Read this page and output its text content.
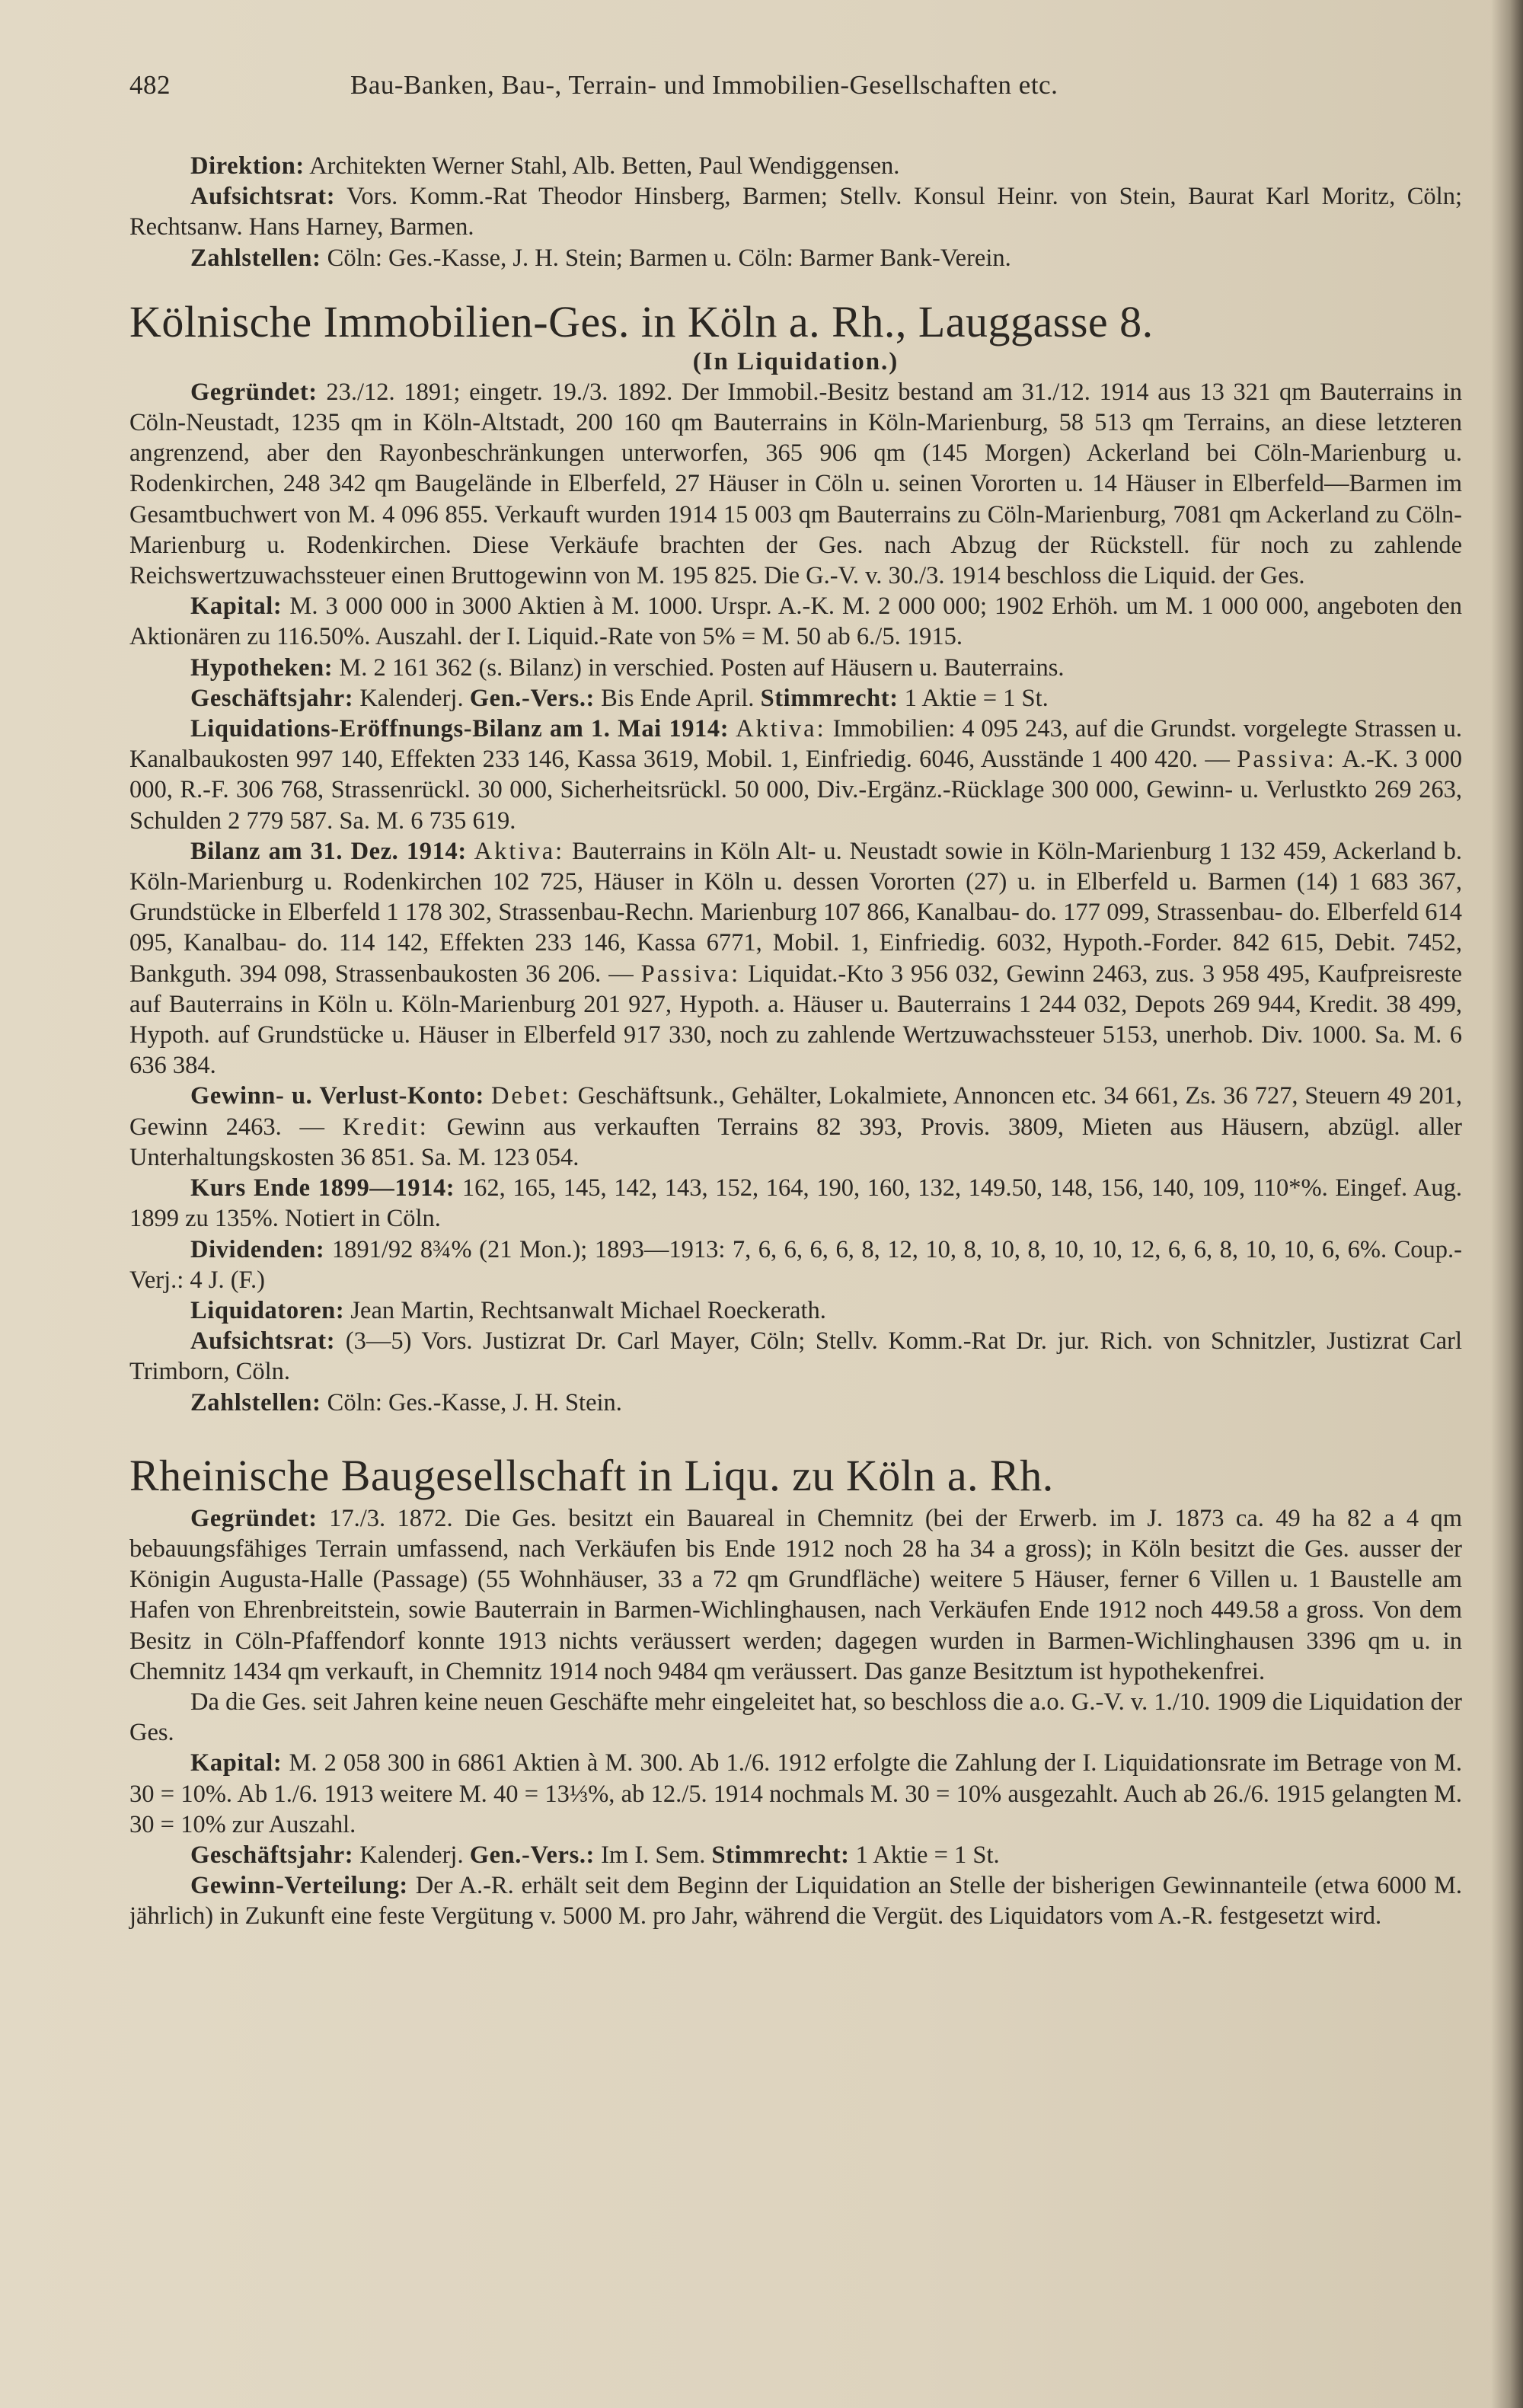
482	Bau-Banken, Bau-, Terrain- und Immobilien-Gesellschaften etc.

Direktion: Architekten Werner Stahl, Alb. Betten, Paul Wendiggensen.

Aufsichtsrat: Vors. Komm.-Rat Theodor Hinsberg, Barmen; Stellv. Konsul Heinr. von Stein, Baurat Karl Moritz, Cöln; Rechtsanw. Hans Harney, Barmen.

Zahlstellen: Cöln: Ges.-Kasse, J. H. Stein; Barmen u. Cöln: Barmer Bank-Verein.

Kölnische Immobilien-Ges. in Köln a. Rh., Lauggasse 8.
(In Liquidation.)

Gegründet: 23./12. 1891; eingetr. 19./3. 1892. Der Immobil.-Besitz bestand am 31./12. 1914 aus 13 321 qm Bauterrains in Cöln-Neustadt, 1235 qm in Köln-Altstadt, 200 160 qm Bauterrains in Köln-Marienburg, 58 513 qm Terrains, an diese letzteren angrenzend, aber den Rayonbeschränkungen unterworfen, 365 906 qm (145 Morgen) Ackerland bei Cöln-Marienburg u. Rodenkirchen, 248 342 qm Baugelände in Elberfeld, 27 Häuser in Cöln u. seinen Vororten u. 14 Häuser in Elberfeld—Barmen im Gesamtbuchwert von M. 4 096 855. Verkauft wurden 1914 15 003 qm Bauterrains zu Cöln-Marienburg, 7081 qm Ackerland zu Cöln-Marienburg u. Rodenkirchen. Diese Verkäufe brachten der Ges. nach Abzug der Rückstell. für noch zu zahlende Reichswertzuwachssteuer einen Bruttogewinn von M. 195 825. Die G.-V. v. 30./3. 1914 beschloss die Liquid. der Ges.

Kapital: M. 3 000 000 in 3000 Aktien à M. 1000. Urspr. A.-K. M. 2 000 000; 1902 Erhöh. um M. 1 000 000, angeboten den Aktionären zu 116.50%. Auszahl. der I. Liquid.-Rate von 5% = M. 50 ab 6./5. 1915.

Hypotheken: M. 2 161 362 (s. Bilanz) in verschied. Posten auf Häusern u. Bauterrains.

Geschäftsjahr: Kalenderj. Gen.-Vers.: Bis Ende April. Stimmrecht: 1 Aktie = 1 St.

Liquidations-Eröffnungs-Bilanz am 1. Mai 1914: Aktiva: Immobilien: 4 095 243, auf die Grundst. vorgelegte Strassen u. Kanalbaukosten 997 140, Effekten 233 146, Kassa 3619, Mobil. 1, Einfriedig. 6046, Ausstände 1 400 420. — Passiva: A.-K. 3 000 000, R.-F. 306 768, Strassenrückl. 30 000, Sicherheitsrückl. 50 000, Div.-Ergänz.-Rücklage 300 000, Gewinn- u. Verlustkto 269 263, Schulden 2 779 587. Sa. M. 6 735 619.

Bilanz am 31. Dez. 1914: Aktiva: Bauterrains in Köln Alt- u. Neustadt sowie in Köln-Marienburg 1 132 459, Ackerland b. Köln-Marienburg u. Rodenkirchen 102 725, Häuser in Köln u. dessen Vororten (27) u. in Elberfeld u. Barmen (14) 1 683 367, Grundstücke in Elberfeld 1 178 302, Strassenbau-Rechn. Marienburg 107 866, Kanalbau- do. 177 099, Strassenbau- do. Elberfeld 614 095, Kanalbau- do. 114 142, Effekten 233 146, Kassa 6771, Mobil. 1, Einfriedig. 6032, Hypoth.-Forder. 842 615, Debit. 7452, Bankguth. 394 098, Strassenbaukosten 36 206. — Passiva: Liquidat.-Kto 3 956 032, Gewinn 2463, zus. 3 958 495, Kaufpreisreste auf Bauterrains in Köln u. Köln-Marienburg 201 927, Hypoth. a. Häuser u. Bauterrains 1 244 032, Depots 269 944, Kredit. 38 499, Hypoth. auf Grundstücke u. Häuser in Elberfeld 917 330, noch zu zahlende Wertzuwachssteuer 5153, unerhob. Div. 1000. Sa. M. 6 636 384.

Gewinn- u. Verlust-Konto: Debet: Geschäftsunk., Gehälter, Lokalmiete, Annoncen etc. 34 661, Zs. 36 727, Steuern 49 201, Gewinn 2463. — Kredit: Gewinn aus verkauften Terrains 82 393, Provis. 3809, Mieten aus Häusern, abzügl. aller Unterhaltungskosten 36 851. Sa. M. 123 054.

Kurs Ende 1899—1914: 162, 165, 145, 142, 143, 152, 164, 190, 160, 132, 149.50, 148, 156, 140, 109, 110*%. Eingef. Aug. 1899 zu 135%. Notiert in Cöln.

Dividenden: 1891/92 8¾% (21 Mon.); 1893—1913: 7, 6, 6, 6, 6, 8, 12, 10, 8, 10, 8, 10, 10, 12, 6, 6, 8, 10, 10, 6, 6%. Coup.-Verj.: 4 J. (F.)

Liquidatoren: Jean Martin, Rechtsanwalt Michael Roeckerath.

Aufsichtsrat: (3—5) Vors. Justizrat Dr. Carl Mayer, Cöln; Stellv. Komm.-Rat Dr. jur. Rich. von Schnitzler, Justizrat Carl Trimborn, Cöln.

Zahlstellen: Cöln: Ges.-Kasse, J. H. Stein.

Rheinische Baugesellschaft in Liqu. zu Köln a. Rh.

Gegründet: 17./3. 1872. Die Ges. besitzt ein Bauareal in Chemnitz (bei der Erwerb. im J. 1873 ca. 49 ha 82 a 4 qm bebauungsfähiges Terrain umfassend, nach Verkäufen bis Ende 1912 noch 28 ha 34 a gross); in Köln besitzt die Ges. ausser der Königin Augusta-Halle (Passage) (55 Wohnhäuser, 33 a 72 qm Grundfläche) weitere 5 Häuser, ferner 6 Villen u. 1 Baustelle am Hafen von Ehrenbreitstein, sowie Bauterrain in Barmen-Wichlinghausen, nach Verkäufen Ende 1912 noch 449.58 a gross. Von dem Besitz in Cöln-Pfaffendorf konnte 1913 nichts veräussert werden; dagegen wurden in Barmen-Wichlinghausen 3396 qm u. in Chemnitz 1434 qm verkauft, in Chemnitz 1914 noch 9484 qm veräussert. Das ganze Besitztum ist hypothekenfrei.

Da die Ges. seit Jahren keine neuen Geschäfte mehr eingeleitet hat, so beschloss die a.o. G.-V. v. 1./10. 1909 die Liquidation der Ges.

Kapital: M. 2 058 300 in 6861 Aktien à M. 300. Ab 1./6. 1912 erfolgte die Zahlung der I. Liquidationsrate im Betrage von M. 30 = 10%. Ab 1./6. 1913 weitere M. 40 = 13⅓%, ab 12./5. 1914 nochmals M. 30 = 10% ausgezahlt. Auch ab 26./6. 1915 gelangten M. 30 = 10% zur Auszahl.

Geschäftsjahr: Kalenderj. Gen.-Vers.: Im I. Sem. Stimmrecht: 1 Aktie = 1 St.

Gewinn-Verteilung: Der A.-R. erhält seit dem Beginn der Liquidation an Stelle der bisherigen Gewinnanteile (etwa 6000 M. jährlich) in Zukunft eine feste Vergütung v. 5000 M. pro Jahr, während die Vergüt. des Liquidators vom A.-R. festgesetzt wird.
